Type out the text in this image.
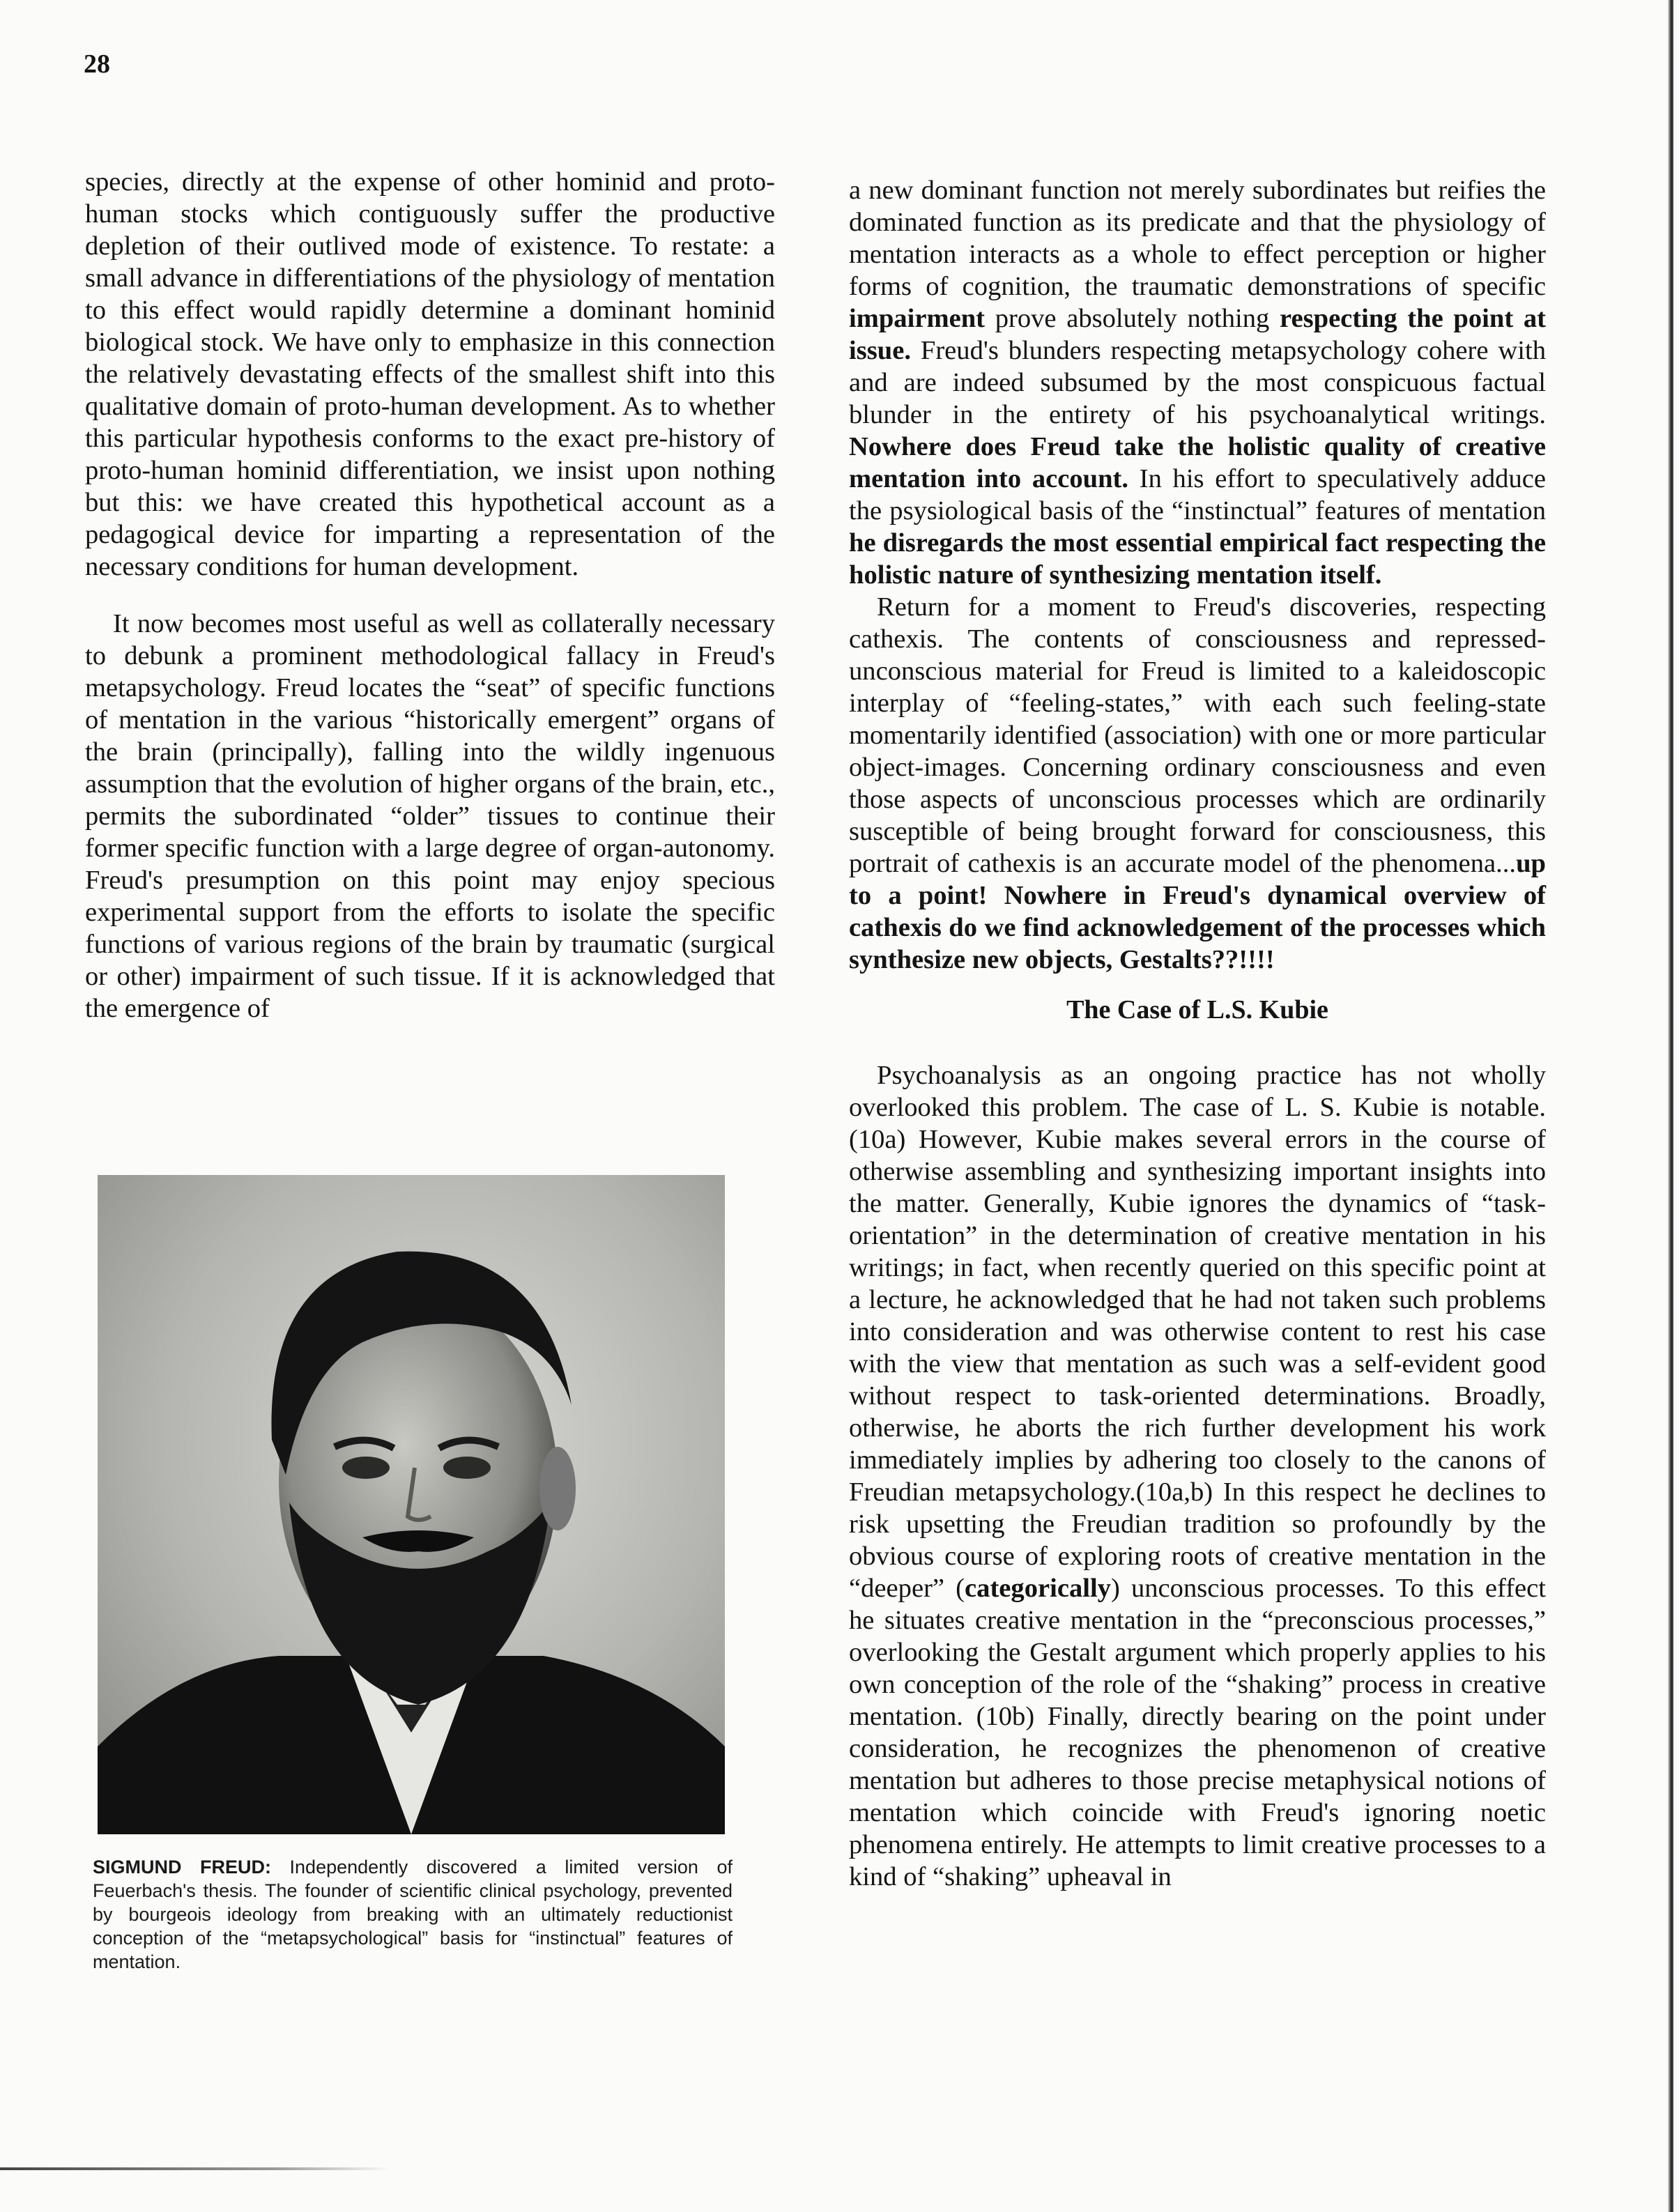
28

species, directly at the expense of other hominid and proto-human stocks which contiguously suffer the productive depletion of their outlived mode of existence. To restate: a small advance in differentiations of the physiology of mentation to this effect would rapidly determine a dominant hominid biological stock. We have only to emphasize in this connection the relatively devastating effects of the smallest shift into this qualitative domain of proto-human development. As to whether this particular hypothesis conforms to the exact pre-history of proto-human hominid differentiation, we insist upon nothing but this: we have created this hypothetical account as a pedagogical device for imparting a representation of the necessary conditions for human development.

It now becomes most useful as well as collaterally necessary to debunk a prominent methodological fallacy in Freud's metapsychology. Freud locates the “seat” of specific functions of mentation in the various “historically emergent” organs of the brain (principally), falling into the wildly ingenuous assumption that the evolution of higher organs of the brain, etc., permits the subordinated “older” tissues to continue their former specific function with a large degree of organ-autonomy. Freud's presumption on this point may enjoy specious experimental support from the efforts to isolate the specific functions of various regions of the brain by traumatic (surgical or other) impairment of such tissue. If it is acknowledged that the emergence of

SIGMUND FREUD: Independently discovered a limited version of Feuerbach's thesis. The founder of scientific clinical psychology, prevented by bourgeois ideology from breaking with an ultimately reductionist conception of the “metapsychological” basis for “instinctual” features of mentation.

a new dominant function not merely subordinates but reifies the dominated function as its predicate and that the physiology of mentation interacts as a whole to effect perception or higher forms of cognition, the traumatic demonstrations of specific impairment prove absolutely nothing respecting the point at issue. Freud's blunders respecting metapsychology cohere with and are indeed subsumed by the most conspicuous factual blunder in the entirety of his psychoanalytical writings. Nowhere does Freud take the holistic quality of creative mentation into account. In his effort to speculatively adduce the psysiological basis of the “instinctual” features of mentation he disregards the most essential empirical fact respecting the holistic nature of synthesizing mentation itself.

Return for a moment to Freud's discoveries, respecting cathexis. The contents of consciousness and repressed-unconscious material for Freud is limited to a kaleidoscopic interplay of “feeling-states,” with each such feeling-state momentarily identified (association) with one or more particular object-images. Concerning ordinary consciousness and even those aspects of unconscious processes which are ordinarily susceptible of being brought forward for consciousness, this portrait of cathexis is an accurate model of the phenomena...up to a point! Nowhere in Freud's dynamical overview of cathexis do we find acknowledgement of the processes which synthesize new objects, Gestalts??!!!!

The Case of L.S. Kubie

Psychoanalysis as an ongoing practice has not wholly overlooked this problem. The case of L. S. Kubie is notable.(10a) However, Kubie makes several errors in the course of otherwise assembling and synthesizing important insights into the matter. Generally, Kubie ignores the dynamics of “task-orientation” in the determination of creative mentation in his writings; in fact, when recently queried on this specific point at a lecture, he acknowledged that he had not taken such problems into consideration and was otherwise content to rest his case with the view that mentation as such was a self-evident good without respect to task-oriented determinations. Broadly, otherwise, he aborts the rich further development his work immediately implies by adhering too closely to the canons of Freudian metapsychology.(10a,b) In this respect he declines to risk upsetting the Freudian tradition so profoundly by the obvious course of exploring roots of creative mentation in the “deeper” (categorically) unconscious processes. To this effect he situates creative mentation in the “preconscious processes,” overlooking the Gestalt argument which properly applies to his own conception of the role of the “shaking” process in creative mentation. (10b) Finally, directly bearing on the point under consideration, he recognizes the phenomenon of creative mentation but adheres to those precise metaphysical notions of mentation which coincide with Freud's ignoring noetic phenomena entirely. He attempts to limit creative processes to a kind of “shaking” upheaval in
